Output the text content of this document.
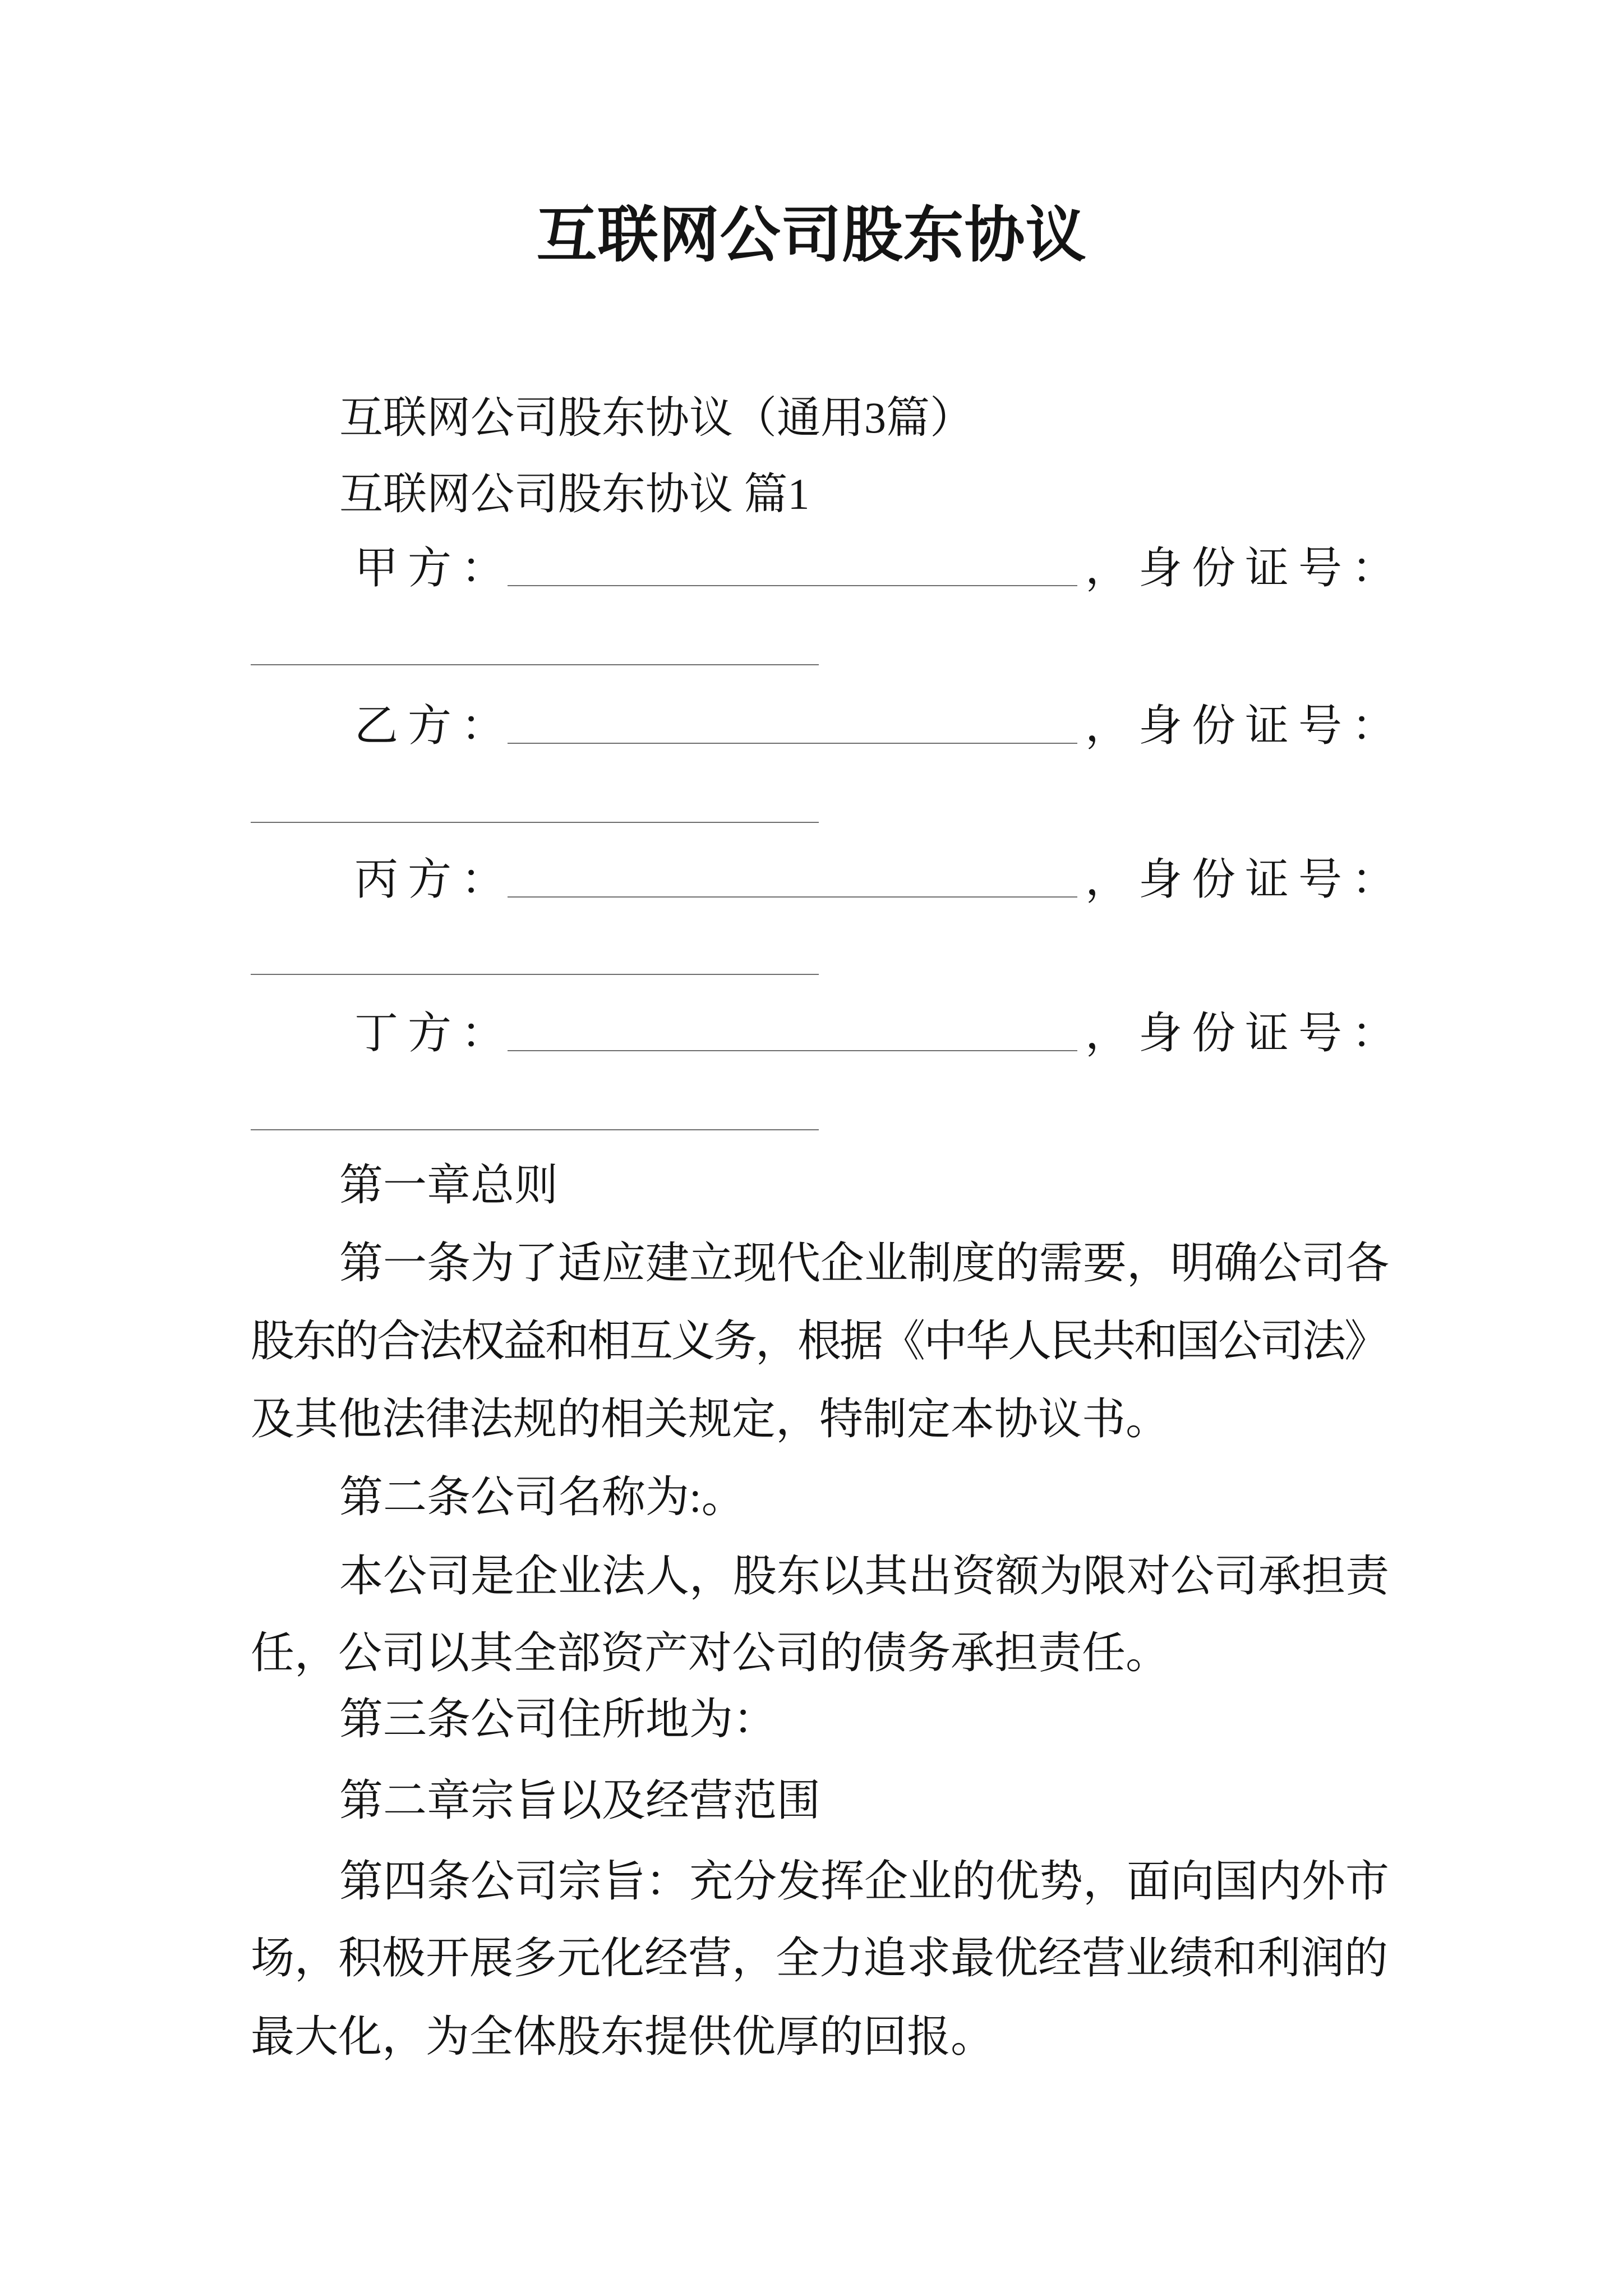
互联网公司股东协议
互联网公司股东协议（通用3篇）
互联网公司股东协议 篇1
甲方：	，身份证号：
乙方：	，身份证号：
丙方：	，身份证号：
丁方：	，身份证号：
第一章总则
第一条为了适应建立现代企业制度的需要，明确公司各
股东的合法权益和相互义务，根据《中华人民共和国公司法》
及其他法律法规的相关规定，特制定本协议书。
第二条公司名称为:。
本公司是企业法人，股东以其出资额为限对公司承担责
任，公司以其全部资产对公司的债务承担责任。
第三条公司住所地为：
第二章宗旨以及经营范围
第四条公司宗旨：充分发挥企业的优势，面向国内外市
场，积极开展多元化经营，全力追求最优经营业绩和利润的
最大化，为全体股东提供优厚的回报。
